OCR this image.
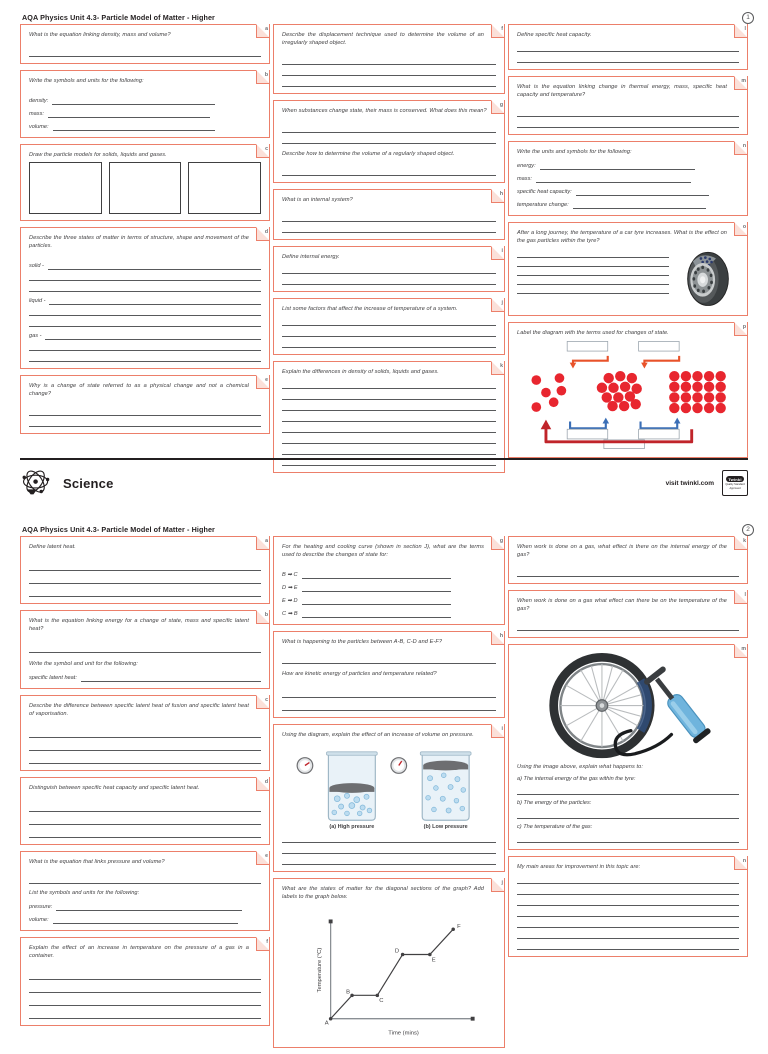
AQA Physics Unit 4.3- Particle Model of Matter - Higher	1
a
What is the equation linking density, mass and volume?
b
Write the symbols and units for the following:
density:
mass:
volume:
c
Draw the particle models for solids, liquids and gases.
d
Describe the three states of matter in terms of structure, shape and movement of the particles.
solid -
liquid -
gas -
e
Why is a change of state referred to as a physical change and not a chemical change?
f
Describe the displacement technique used to determine the volume of an irregularly shaped object.
g
When substances change state, their mass is conserved. What does this mean?
Describe how to determine the volume of a regularly shaped object.
h
What is an internal system?
i
Define internal energy.
j
List some factors that affect the increase of temperature of a system.
k
Explain the differences in density of solids, liquids and gases.
l
Define specific heat capacity.
m
What is the equation linking change in thermal energy, mass, specific heat capacity and temperature?
n
Write the units and symbols for the following:
energy:
mass:
specific heat capacity:
temperature change:
o
After a long journey, the temperature of a car tyre increases. What is the effect on the gas particles within the tyre?
p
Label the diagram with the terms used for changes of state.
Science	visit twinkl.com
Twinkl
Quality Standard Approved
AQA Physics Unit 4.3- Particle Model of Matter - Higher	2
a
Define latent heat.
b
What is the equation linking energy for a change of state, mass and specific latent heat?
Write the symbol and unit for the following:
specific latent heat:
c
Describe the difference between specific latent heat of fusion and specific latent heat of vaporisation.
d
Distinguish between specific heat capacity and specific latent heat.
e
What is the equation that links pressure and volume?
List the symbols and units for the following:
pressure:
volume:
f
Explain the effect of an increase in temperature on the pressure of a gas in a container.
g
For the heating and cooling curve (shown in section J), what are the terms used to describe the changes of state for:
B ➡ C
D ➡ E
E ➡ D
C ➡ B
h
What is happening to the particles between A-B, C-D and E-F?
How are kinetic energy of particles and temperature related?
i
Using the diagram, explain the effect of an increase of volume on pressure.
(a) High pressure	(b) Low pressure
j
What are the states of matter for the diagonal sections of the graph? Add labels to the graph below.
Temperature (°C)
Time (mins)
A
B
C
D
E
F
k
When work is done on a gas, what effect is there on the internal energy of the gas?
l
When work is done on a gas what effect can there be on the temperature of the gas?
m
Using the image above, explain what happens to:
a) The internal energy of the gas within the tyre:
b) The energy of the particles:
c) The temperature of the gas:
n
My main areas for improvement in this topic are:
